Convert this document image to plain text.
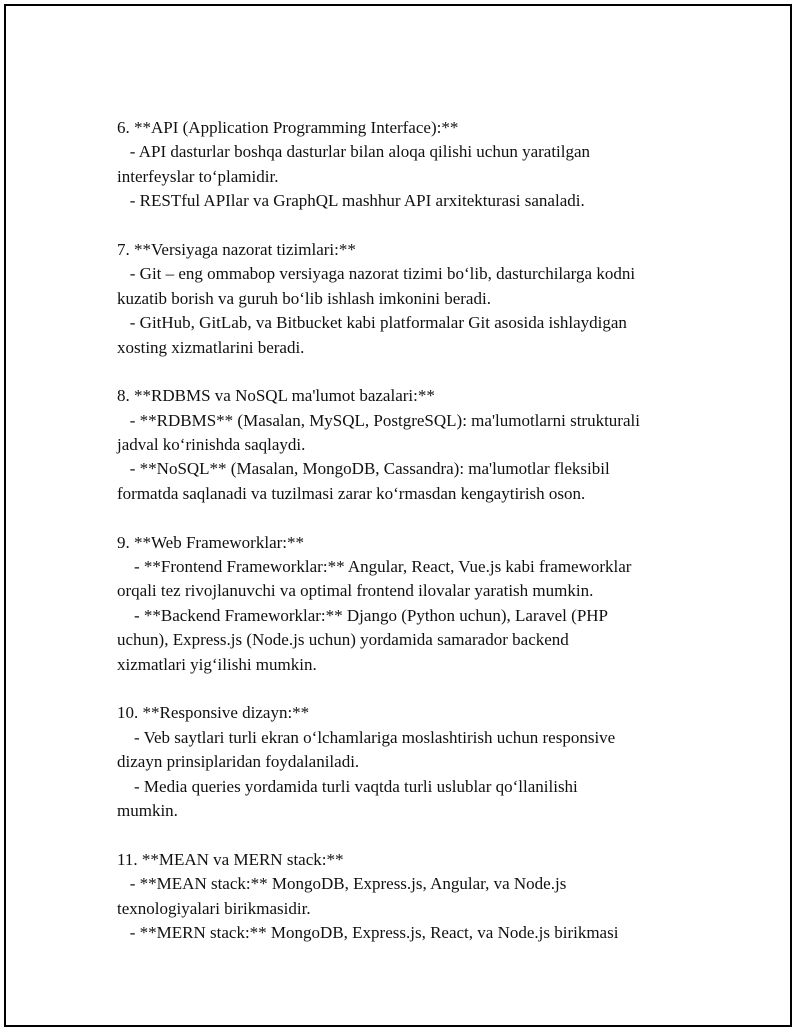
6. **API (Application Programming Interface):**

- API dasturlar boshqa dasturlar bilan aloqa qilishi uchun yaratilgan

interfeyslar to‘plamidir.

- RESTful APIlar va GraphQL mashhur API arxitekturasi sanaladi.

7. **Versiyaga nazorat tizimlari:**

- Git – eng ommabop versiyaga nazorat tizimi bo‘lib, dasturchilarga kodni

kuzatib borish va guruh bo‘lib ishlash imkonini beradi.

- GitHub, GitLab, va Bitbucket kabi platformalar Git asosida ishlaydigan

xosting xizmatlarini beradi.

8. **RDBMS va NoSQL ma'lumot bazalari:**

- **RDBMS** (Masalan, MySQL, PostgreSQL): ma'lumotlarni strukturali

jadval ko‘rinishda saqlaydi.

- **NoSQL** (Masalan, MongoDB, Cassandra): ma'lumotlar fleksibil

formatda saqlanadi va tuzilmasi zarar ko‘rmasdan kengaytirish oson.

9. **Web Frameworklar:**

- **Frontend Frameworklar:** Angular, React, Vue.js kabi frameworklar

orqali tez rivojlanuvchi va optimal frontend ilovalar yaratish mumkin.

- **Backend Frameworklar:** Django (Python uchun), Laravel (PHP

uchun), Express.js (Node.js uchun) yordamida samarador backend

xizmatlari yig‘ilishi mumkin.

10. **Responsive dizayn:**

- Veb saytlari turli ekran o‘lchamlariga moslashtirish uchun responsive

dizayn prinsiplaridan foydalaniladi.

- Media queries yordamida turli vaqtda turli uslublar qo‘llanilishi

mumkin.

11. **MEAN va MERN stack:**

- **MEAN stack:** MongoDB, Express.js, Angular, va Node.js

texnologiyalari birikmasidir.

- **MERN stack:** MongoDB, Express.js, React, va Node.js birikmasi
